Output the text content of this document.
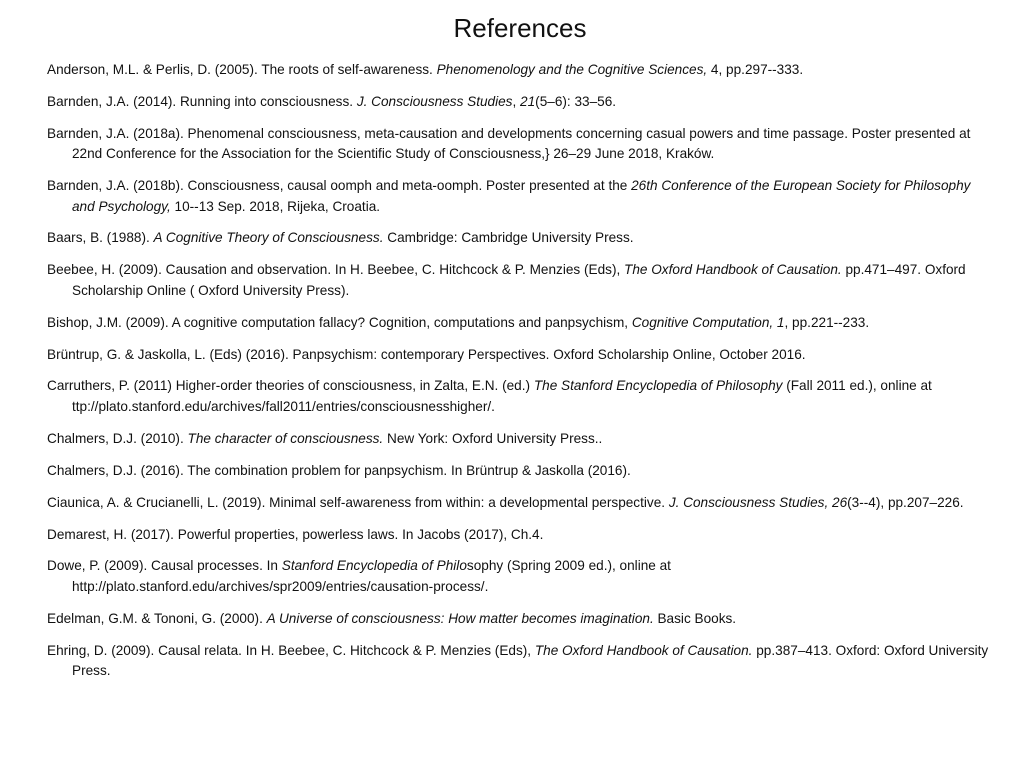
References
Anderson, M.L. & Perlis, D. (2005). The roots of self-awareness. Phenomenology and the Cognitive Sciences, 4, pp.297--333.
Barnden, J.A. (2014). Running into consciousness. J. Consciousness Studies, 21(5–6): 33–56.
Barnden, J.A. (2018a). Phenomenal consciousness, meta-causation and developments concerning casual powers and time passage. Poster presented at 22nd Conference for the Association for the Scientific Study of Consciousness,} 26–29 June 2018, Kraków.
Barnden, J.A. (2018b). Consciousness, causal oomph and meta-oomph. Poster presented at the 26th Conference of the European Society for Philosophy and Psychology, 10--13 Sep. 2018, Rijeka, Croatia.
Baars, B. (1988). A Cognitive Theory of Consciousness. Cambridge: Cambridge University Press.
Beebee, H. (2009). Causation and observation. In H. Beebee, C. Hitchcock & P. Menzies (Eds), The Oxford Handbook of Causation. pp.471–497. Oxford Scholarship Online ( Oxford University Press).
Bishop, J.M. (2009). A cognitive computation fallacy? Cognition, computations and panpsychism, Cognitive Computation, 1, pp.221--233.
Brüntrup, G. & Jaskolla, L. (Eds) (2016). Panpsychism: contemporary Perspectives. Oxford Scholarship Online, October 2016.
Carruthers, P. (2011) Higher-order theories of consciousness, in Zalta, E.N. (ed.) The Stanford Encyclopedia of Philosophy (Fall 2011 ed.), online at ttp://plato.stanford.edu/archives/fall2011/entries/consciousnesshigher/.
Chalmers, D.J. (2010). The character of consciousness. New York: Oxford University Press..
Chalmers, D.J. (2016). The combination problem for panpsychism. In Brüntrup & Jaskolla (2016).
Ciaunica, A. & Crucianelli, L. (2019). Minimal self-awareness from within: a developmental perspective. J. Consciousness Studies, 26(3--4), pp.207–226.
Demarest, H. (2017). Powerful properties, powerless laws. In Jacobs (2017), Ch.4.
Dowe, P. (2009). Causal processes. In Stanford Encyclopedia of Philosophy (Spring 2009 ed.), online at http://plato.stanford.edu/archives/spr2009/entries/causation-process/.
Edelman, G.M. & Tononi, G. (2000). A Universe of consciousness: How matter becomes imagination. Basic Books.
Ehring, D. (2009). Causal relata. In H. Beebee, C. Hitchcock & P. Menzies (Eds), The Oxford Handbook of Causation. pp.387–413. Oxford: Oxford University Press.
